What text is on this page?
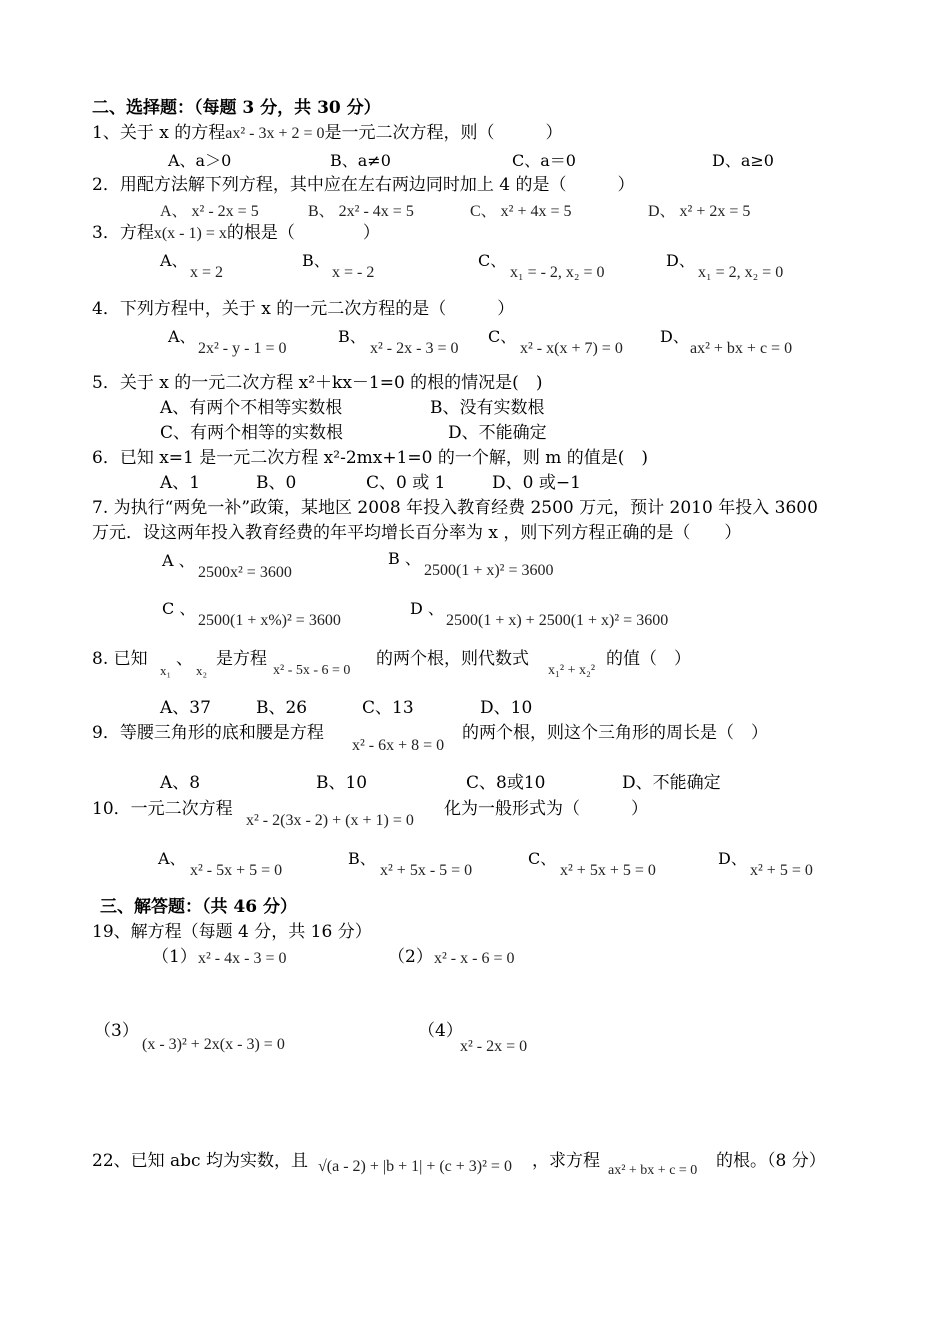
二、选择题：（每题 3 分，共 30 分）
1、关于 x 的方程ax² - 3x + 2 = 0是一元二次方程，则（　　　）
A、a＞0	B、a≠0	C、a＝0	D、a≥0
2．用配方法解下列方程，其中应在左右两边同时加上 4 的是（　　　）
A、 x² - 2x = 5	B、 2x² - 4x = 5	C、 x² + 4x = 5	D、 x² + 2x = 5
3．方程x(x - 1) = x的根是（　　　　）
A、
x = 2
B、
x = - 2
C、
x₁ = - 2, x₂ = 0
D、
x₁ = 2, x₂ = 0
4．下列方程中，关于 x 的一元二次方程的是（　　　）
A、
2x² - y - 1 = 0
B、
x² - 2x - 3 = 0
C、
x² - x(x + 7) = 0
D、
ax² + bx + c = 0
5．关于 x 的一元二次方程 x²＋kx－1=0 的根的情况是(　)
A、有两个不相等实数根	B、没有实数根
C、有两个相等的实数根	D、不能确定
6．已知 x=1 是一元二次方程 x²-2mx+1=0 的一个解，则 m 的值是(　)
A、1	B、0	C、0 或 1	D、0 或−1
7. 为执行“两免一补”政策，某地区 2008 年投入教育经费 2500 万元，预计 2010 年投入 3600
万元．设这两年投入教育经费的年平均增长百分率为 x ，则下列方程正确的是（　　）
A 、
2500x² = 3600
B 、
2500(1 + x)² = 3600
C 、
2500(1 + x%)² = 3600
D 、
2500(1 + x) + 2500(1 + x)² = 3600
8. 已知
x₁
、
x₂
是方程
x² - 5x - 6 = 0
的两个根，则代数式
x₁² + x₂²
的值（　）
A、37	B、26	C、13	D、10
9．等腰三角形的底和腰是方程
x² - 6x + 8 = 0
的两个根，则这个三角形的周长是（　）
A、8	B、10	C、8或10	D、不能确定
10．一元二次方程
x² - 2(3x - 2) + (x + 1) = 0
化为一般形式为（　　　）
A、
x² - 5x + 5 = 0
B、
x² + 5x - 5 = 0
C、
x² + 5x + 5 = 0
D、
x² + 5 = 0
三、解答题：（共 46 分）
19、解方程（每题 4 分，共 16 分）
（1） x² - 4x - 3 = 0	（2） x² - x - 6 = 0
（3）
(x - 3)² + 2x(x - 3) = 0
（4）
x² - 2x = 0
22、已知 abc 均为实数，且 √(a - 2) + |b + 1| + (c + 3)² = 0 ，求方程 ax² + bx + c = 0 的根。（8 分）
